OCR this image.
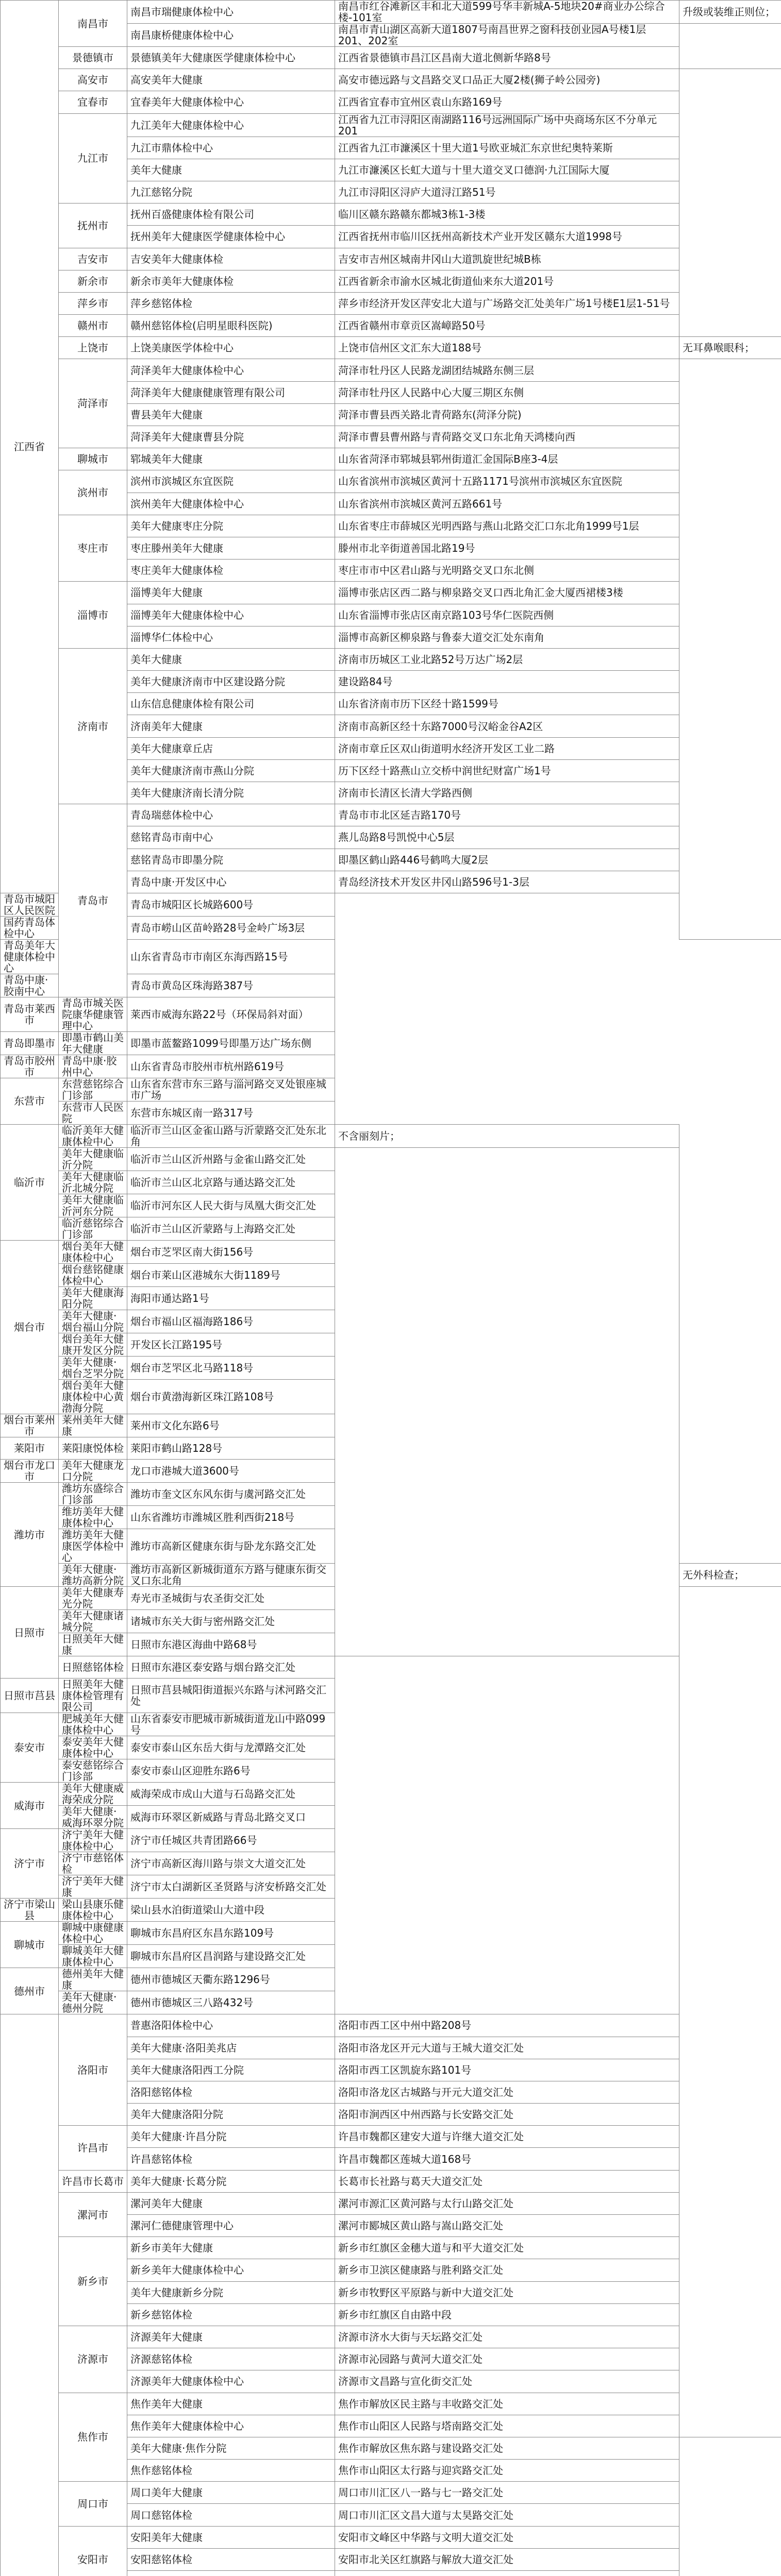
江西省	南昌市	南昌市瑞健康体检中心	南昌市红谷滩新区丰和北大道599号华丰新城A-5地块20#商业办公综合楼-101室	升级或装维正则位；
		南昌康桥健康体检中心	南昌市青山湖区高新大道1807号南昌世界之窗科技创业园A号楼1层201、202室	
	景德镇市	景德镇美年大健康医学健康体检中心	江西省景德镇市昌江区昌南大道北侧新华路8号	
	高安市	高安美年大健康	高安市德远路与文昌路交叉口品正大厦2楼(狮子岭公园旁)	
	宜春市	宜春美年大健康体检中心	江西省宜春市宜州区袁山东路169号	
	九江市	九江美年大健康体检中心	江西省九江市浔阳区南湖路116号远洲国际广场中央商场东区不分单元201	
		九江市鼎体检中心	江西省九江市濂溪区十里大道1号欧亚城汇东京世纪奥特莱斯	
		美年大健康	九江市濂溪区长虹大道与十里大道交叉口德润·九江国际大厦	
		九江慈铭分院	九江市浔阳区浔庐大道浔江路51号	
	抚州市	抚州百盛健康体检有限公司	临川区赣东路赣东都城3栋1-3楼	
		抚州美年大健康医学健康体检中心	江西省抚州市临川区抚州高新技术产业开发区赣东大道1998号	
	吉安市	吉安美年大健康体检	吉安市吉州区城南井冈山大道凯旋世纪城B栋	
	新余市	新余市美年大健康体检	江西省新余市渝水区城北街道仙来东大道201号	
	萍乡市	萍乡慈铭体检	萍乡市经济开发区萍安北大道与广场路交汇处美年广场1号楼E1层1-51号	
	赣州市	赣州慈铭体检(启明星眼科医院)	江西省赣州市章贡区嵩嶂路50号	
	上饶市	上饶美康医学体检中心	上饶市信州区文汇东大道188号	无耳鼻喉眼科；
	菏泽市	菏泽美年大健康体检中心	菏泽市牡丹区人民路龙湖团结城路东侧三层	
		菏泽美年大健康健康管理有限公司	菏泽市牡丹区人民路中心大厦三期区东侧	
		曹县美年大健康	菏泽市曹县西关路北青荷路东(菏泽分院)	
		菏泽美年大健康曹县分院	菏泽市曹县曹州路与青荷路交叉口东北角天鸿楼向西	
	聊城市	郓城美年大健康	山东省菏泽市郓城县郓州街道汇金国际B座3-4层	
	滨州市	滨州市滨城区东宜医院	山东省滨州市滨城区黄河十五路1171号滨州市滨城区东宜医院	
		滨州美年大健康体检中心	山东省滨州市滨城区黄河五路661号	
	枣庄市	美年大健康枣庄分院	山东省枣庄市薛城区光明西路与燕山北路交汇口东北角1999号1层	
		枣庄滕州美年大健康	滕州市北辛街道善国北路19号	
		枣庄美年大健康体检	枣庄市市中区君山路与光明路交叉口东北侧	
	淄博市	淄博美年大健康	淄博市张店区西二路与柳泉路交叉口西北角汇金大厦西裙楼3楼	
		淄博美年大健康体检中心	山东省淄博市张店区南京路103号华仁医院西侧	
		淄博华仁体检中心	淄博市高新区柳泉路与鲁泰大道交汇处东南角	
	济南市	美年大健康	济南市历城区工业北路52号万达广场2层	
		美年大健康济南市中区建设路分院	建设路84号	
		山东信息健康体检有限公司	山东省济南市历下区经十路1599号	
		济南美年大健康	济南市高新区经十东路7000号汉峪金谷A2区	
		美年大健康章丘店	济南市章丘区双山街道明水经济开发区工业二路	
		美年大健康济南市燕山分院	历下区经十路燕山立交桥中润世纪财富广场1号	
		美年大健康济南长清分院	济南市长清区长清大学路西侧	
	青岛市	青岛瑞慈体检中心	青岛市市北区延吉路170号	
		慈铭青岛市南中心	燕儿岛路8号凯悦中心5层	
		慈铭青岛市即墨分院	即墨区鹤山路446号鹤鸣大厦2层	
		青岛中康·开发区中心	青岛经济技术开发区井冈山路596号1-3层	
青岛市城阳区人民医院		青岛市城阳区长城路600号		
国药青岛体检中心		青岛市崂山区苗岭路28号金岭广场3层		
青岛美年大健康体检中心		山东省青岛市市南区东海西路15号		
青岛中康·胶南中心		青岛市黄岛区珠海路387号		
青岛市莱西市	青岛市城关医院康华健康管理中心	莱西市威海东路22号（环保局斜对面）		
青岛即墨市	即墨市鹤山美年大健康	即墨市蓝鳌路1099号即墨万达广场东侧		
青岛市胶州市	青岛中康·胶州中心	山东省青岛市胶州市杭州路619号		
东营市	东营慈铭综合门诊部	山东省东营市东三路与淄河路交叉处银座城市广场		
	东营市人民医院	东营市东城区南一路317号		
临沂市	临沂美年大健康体检中心	临沂市兰山区金雀山路与沂蒙路交汇处东北角	不含丽刻片；	
	美年大健康临沂分院	临沂市兰山区沂州路与金雀山路交汇处		
	美年大健康临沂北城分院	临沂市兰山区北京路与通达路交汇处		
	美年大健康临沂河东分院	临沂市河东区人民大街与凤凰大街交汇处		
	临沂慈铭综合门诊部	临沂市兰山区沂蒙路与上海路交汇处		
烟台市	烟台美年大健康体检中心	烟台市芝罘区南大街156号		
	烟台慈铭健康体检中心	烟台市莱山区港城东大街1189号		
	美年大健康海阳分院	海阳市通达路1号		
	美年大健康·烟台福山分院	烟台市福山区福海路186号		
	烟台美年大健康开发区分院	开发区长江路195号		
	美年大健康·烟台芝罘分院	烟台市芝罘区北马路118号		
	烟台美年大健康体检中心黄渤海分院	烟台市黄渤海新区珠江路108号		
烟台市莱州市	莱州美年大健康	莱州市文化东路6号		
莱阳市	莱阳康悦体检	莱阳市鹤山路128号		
烟台市龙口市	美年大健康龙口分院	龙口市港城大道3600号		
潍坊市	潍坊东盛综合门诊部	潍坊市奎文区东风东街与虞河路交汇处		
	维坊美年大健康体检中心	山东省潍坊市潍城区胜利西街218号		
	潍坊美年大健康医学体检中心	潍坊市高新区健康东街与卧龙东路交汇处		
	美年大健康·潍坊高新分院	潍坊市高新区新城街道东方路与健康东街交叉口东北角		无外科检查；
日照市	美年大健康寿光分院	寿光市圣城街与农圣街交汇处		
	美年大健康诸城分院	诸城市东关大街与密州路交汇处		
	日照美年大健康	日照市东港区海曲中路68号		
	日照慈铭体检	日照市东港区泰安路与烟台路交汇处		
日照市莒县	日照美年大健康体检管理有限公司	日照市莒县城阳街道振兴东路与沭河路交汇处		
泰安市	肥城美年大健康体检中心	山东省泰安市肥城市新城街道龙山中路099号		
	泰安美年大健康体检中心	泰安市泰山区东岳大街与龙潭路交汇处		
	泰安慈铭综合门诊部	泰安市泰山区迎胜东路6号		
威海市	美年大健康威海荣成分院	威海荣成市成山大道与石岛路交汇处		
	美年大健康·威海环翠分院	威海市环翠区新威路与青岛北路交叉口		
济宁市	济宁美年大健康体检中心	济宁市任城区共青团路66号		
	济宁市慈铭体检	济宁市高新区海川路与崇文大道交汇处		
	济宁美年大健康	济宁市太白湖新区圣贤路与济安桥路交汇处		
济宁市梁山县	梁山县康乐健康体检中心	梁山县水泊街道梁山大道中段		
聊城市	聊城中康健康体检中心	聊城市东昌府区东昌东路109号		
	聊城美年大健康体检中心	聊城市东昌府区昌润路与建设路交汇处		
德州市	德州美年大健康	德州市德城区天衢东路1296号		
	美年大健康·德州分院	德州市德城区三八路432号		
	洛阳市	普惠洛阳体检中心	洛阳市西工区中州中路208号	
		美年大健康·洛阳美兆店	洛阳市洛龙区开元大道与王城大道交汇处	
		美年大健康洛阳西工分院	洛阳市西工区凯旋东路101号	
		洛阳慈铭体检	洛阳市洛龙区古城路与开元大道交汇处	
		美年大健康洛阳分院	洛阳市涧西区中州西路与长安路交汇处	
	许昌市	美年大健康·许昌分院	许昌市魏都区建安大道与许继大道交汇处	
		许昌慈铭体检	许昌市魏都区莲城大道168号	
	许昌市长葛市	美年大健康·长葛分院	长葛市长社路与葛天大道交汇处	
	漯河市	漯河美年大健康	漯河市源汇区黄河路与太行山路交汇处	
		漯河仁德健康管理中心	漯河市郾城区黄山路与嵩山路交汇处	
	新乡市	新乡市美年大健康	新乡市红旗区金穗大道与和平大道交汇处	
		新乡美年大健康体检中心	新乡市卫滨区健康路与胜利路交汇处	
		美年大健康新乡分院	新乡市牧野区平原路与新中大道交汇处	
		新乡慈铭体检	新乡市红旗区自由路中段	
	济源市	济源美年大健康	济源市济水大街与天坛路交汇处	
		济源慈铭体检	济源市沁园路与黄河大道交汇处	
		济源美年大健康体检中心	济源市文昌路与宣化街交汇处	
	焦作市	焦作美年大健康	焦作市解放区民主路与丰收路交汇处	
		焦作美年大健康体检中心	焦作市山阳区人民路与塔南路交汇处	
		美年大健康·焦作分院	焦作市解放区焦东路与建设路交汇处	
		焦作慈铭体检	焦作市山阳区太行路与迎宾路交汇处	
	周口市	周口美年大健康	周口市川汇区八一路与七一路交汇处	
		周口慈铭体检	周口市川汇区文昌大道与太昊路交汇处	
	安阳市	安阳美年大健康	安阳市文峰区中华路与文明大道交汇处	
		安阳慈铭体检	安阳市北关区红旗路与解放大道交汇处	
